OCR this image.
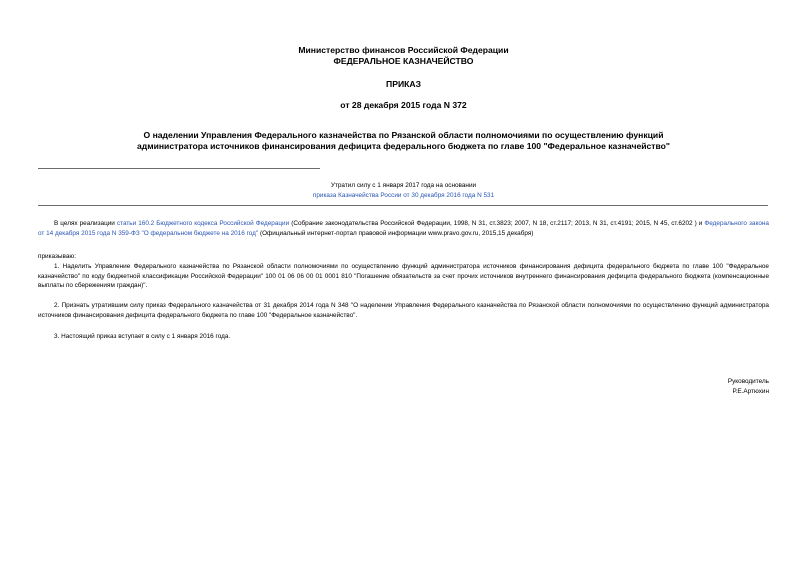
Министерство финансов Российской Федерации
ФЕДЕРАЛЬНОЕ КАЗНАЧЕЙСТВО
ПРИКАЗ
от 28 декабря 2015 года N 372
О наделении Управления Федерального казначейства по Рязанской области полномочиями по осуществлению функций администратора источников финансирования дефицита федерального бюджета по главе 100 "Федеральное казначейство"
Утратил силу с 1 января 2017 года на основании
приказа Казначейства России от 30 декабря 2016 года N 531
В целях реализации статьи 160.2 Бюджетного кодекса Российской Федерации (Собрание законодательства Российской Федерации, 1998, N 31, ст.3823; 2007, N 18, ст.2117; 2013, N 31, ст.4191; 2015, N 45, ст.6202 ) и Федерального закона от 14 декабря 2015 года N 359-ФЗ "О федеральном бюджете на 2016 год" (Официальный интернет-портал правовой информации www.pravo.gov.ru, 2015,15 декабря)
приказываю:
1. Наделить Управление Федерального казначейства по Рязанской области полномочиями по осуществлению функций администратора источников финансирования дефицита федерального бюджета по главе 100 "Федеральное казначейство" по коду бюджетной классификации Российской Федерации" 100 01 06 06 00 01 0001 810 "Погашение обязательств за счет прочих источников внутреннего финансирования дефицита федерального бюджета (компенсационные выплаты по сбережениям граждан)".
2. Признать утратившим силу приказ Федерального казначейства от 31 декабря 2014 года N 348 "О наделении Управления Федерального казначейства по Рязанской области полномочиями по осуществлению функций администратора источников финансирования дефицита федерального бюджета по главе 100 "Федеральное казначейство".
3. Настоящий приказ вступает в силу с 1 января 2016 года.
Руководитель
Р.Е.Артюхин
